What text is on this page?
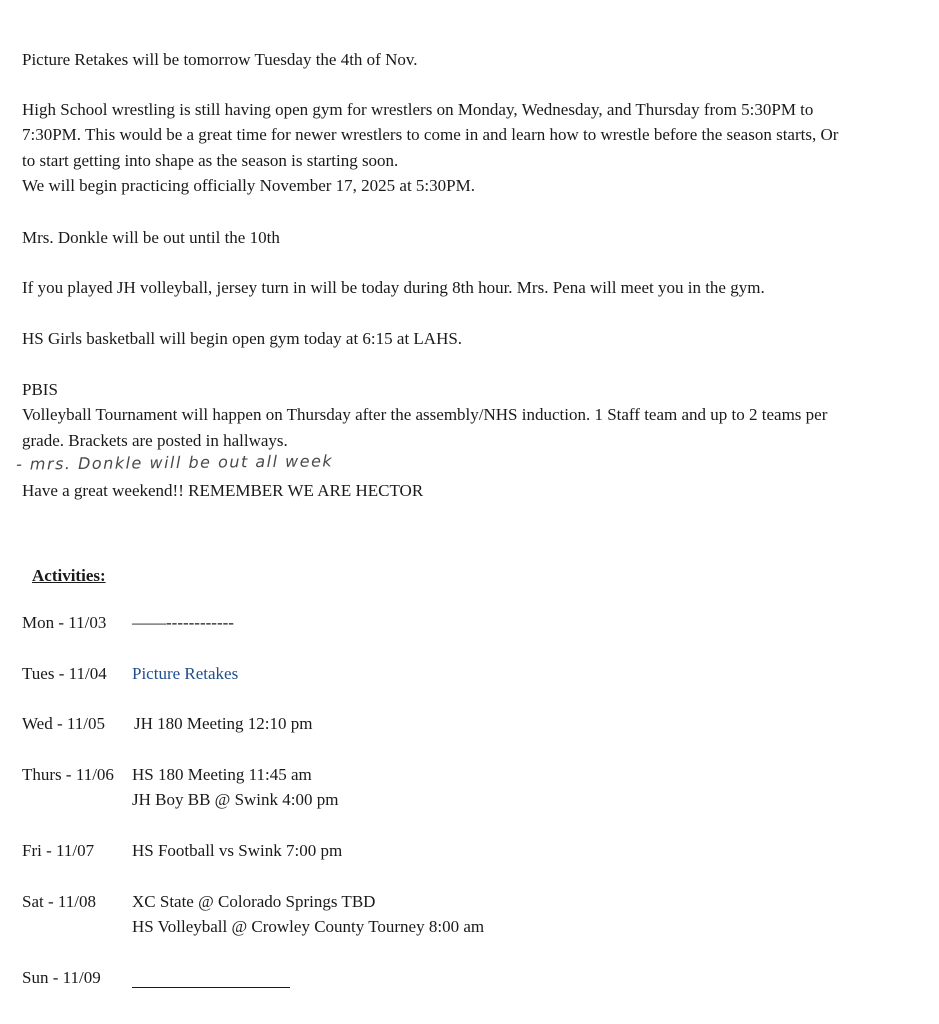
Picture Retakes will be tomorrow Tuesday the 4th of Nov.
High School wrestling is still having open gym for wrestlers on Monday, Wednesday, and Thursday from 5:30PM to
7:30PM. This would be a great time for newer wrestlers to come in and learn how to wrestle before the season starts, Or
to start getting into shape as the season is starting soon.
We will begin practicing officially November 17, 2025 at 5:30PM.
Mrs. Donkle will be out until the 10th
If you played JH volleyball, jersey turn in will be today during 8th hour. Mrs. Pena will meet you in the gym.
HS Girls basketball will begin open gym today at 6:15 at LAHS.
PBIS
Volleyball Tournament will happen on Thursday after the assembly/NHS induction. 1 Staff team and up to 2 teams per
grade. Brackets are posted in hallways.
- mrs. Donkle will be out all week
Have a great weekend!! REMEMBER WE ARE HECTOR
Activities:
Mon - 11/03 ——------------
Tues - 11/04 Picture Retakes
Wed - 11/05 JH 180 Meeting 12:10 pm
Thurs - 11/06 HS 180 Meeting 11:45 am
JH Boy BB @ Swink 4:00 pm
Fri - 11/07 HS Football vs Swink 7:00 pm
Sat - 11/08 XC State @ Colorado Springs TBD
HS Volleyball @ Crowley County Tourney 8:00 am
Sun - 11/09
